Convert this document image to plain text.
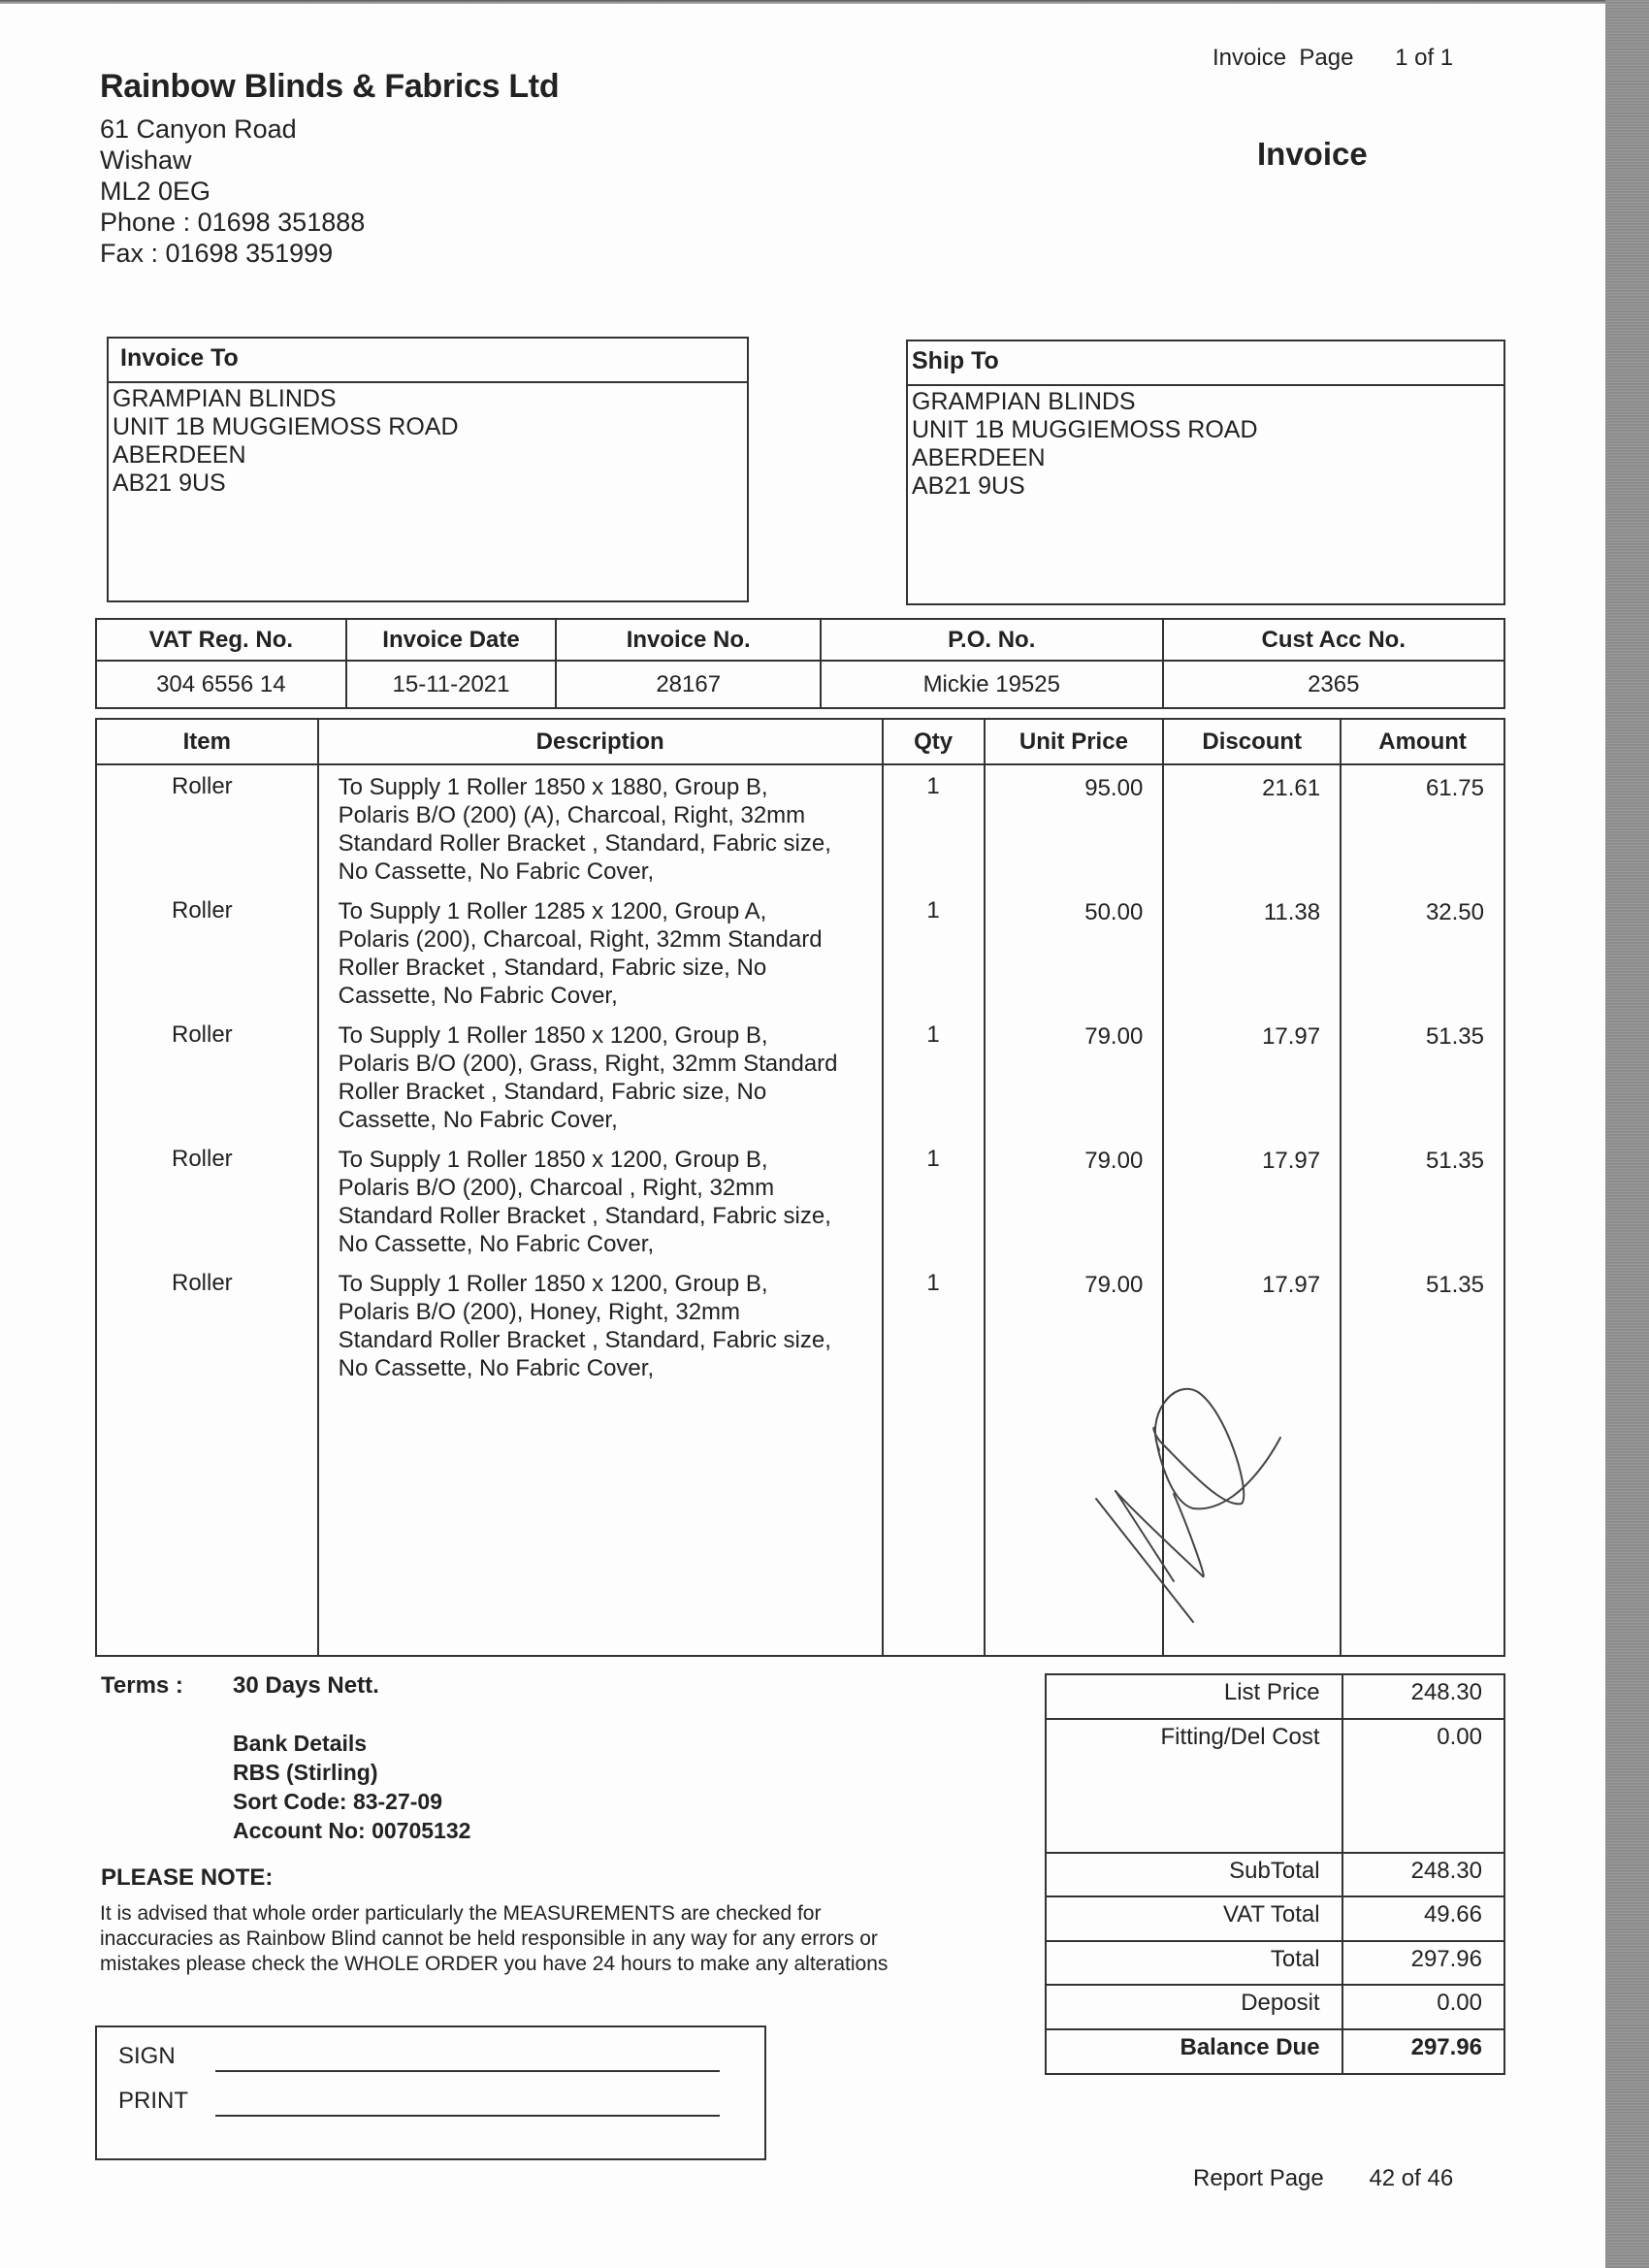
Rainbow Blinds & Fabrics Ltd
61 Canyon Road
Wishaw
ML2 0EG
Phone : 01698 351888
Fax : 01698 351999
Invoice  Page 1 of 1
Invoice
Invoice To
GRAMPIAN BLINDS
UNIT 1B MUGGIEMOSS ROAD
ABERDEEN
AB21 9US
Ship To
GRAMPIAN BLINDS
UNIT 1B MUGGIEMOSS ROAD
ABERDEEN
AB21 9US
VAT Reg. No.	Invoice Date	Invoice No.	P.O. No.	Cust Acc No.
304 6556 14	15-11-2021	28167	Mickie 19525	2365
Item	Description	Qty	Unit Price	Discount	Amount
Roller	To Supply 1 Roller 1850 x 1880, Group B,
Polaris B/O (200) (A), Charcoal, Right, 32mm
Standard Roller Bracket , Standard, Fabric size,
No Cassette, No Fabric Cover,	1	95.00	21.61	61.75
Roller	To Supply 1 Roller 1285 x 1200, Group A,
Polaris (200), Charcoal, Right, 32mm Standard
Roller Bracket , Standard, Fabric size, No
Cassette, No Fabric Cover,	1	50.00	11.38	32.50
Roller	To Supply 1 Roller 1850 x 1200, Group B,
Polaris B/O (200), Grass, Right, 32mm Standard
Roller Bracket , Standard, Fabric size, No
Cassette, No Fabric Cover,	1	79.00	17.97	51.35
Roller	To Supply 1 Roller 1850 x 1200, Group B,
Polaris B/O (200), Charcoal , Right, 32mm
Standard Roller Bracket , Standard, Fabric size,
No Cassette, No Fabric Cover,	1	79.00	17.97	51.35
Roller	To Supply 1 Roller 1850 x 1200, Group B,
Polaris B/O (200), Honey, Right, 32mm
Standard Roller Bracket , Standard, Fabric size,
No Cassette, No Fabric Cover,	1	79.00	17.97	51.35
Terms : 30 Days Nett.
Bank Details
RBS (Stirling)
Sort Code: 83-27-09
Account No: 00705132
PLEASE NOTE:
It is advised that whole order particularly the MEASUREMENTS are checked for
inaccuracies as Rainbow Blind cannot be held responsible in any way for any errors or
mistakes please check the WHOLE ORDER you have 24 hours to make any alterations
SIGN
PRINT
List Price	248.30
Fitting/Del Cost	0.00
SubTotal	248.30
VAT Total	49.66
Total	297.96
Deposit	0.00
Balance Due	297.96
Report Page 42 of 46
